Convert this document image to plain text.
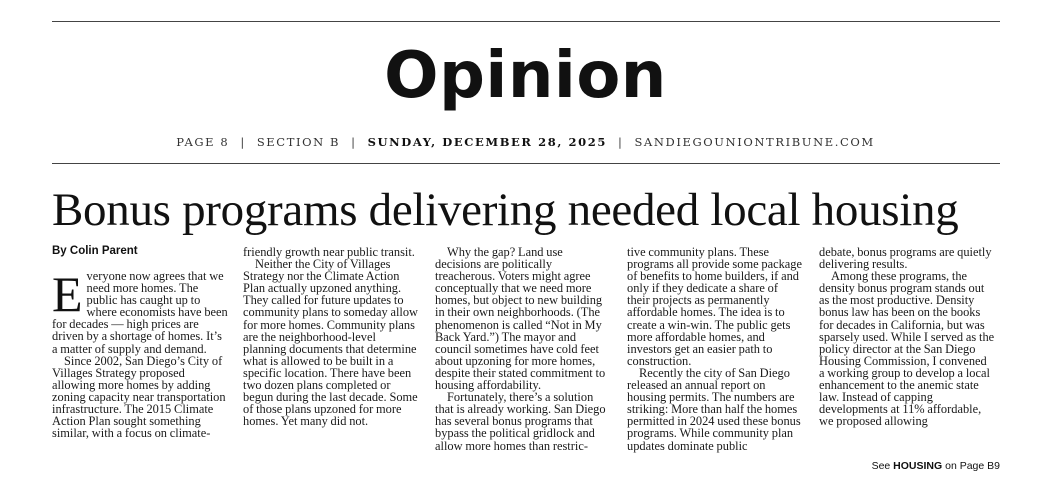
Opinion
PAGE 8 | SECTION B | SUNDAY, DECEMBER 28, 2025 | SANDIEGOUNIONTRIBUNE.COM
Bonus programs delivering needed local housing
By Colin Parent

Everyone now agrees that we need more homes. The public has caught up to where economists have been for decades — high prices are driven by a shortage of homes. It’s a matter of supply and demand.

Since 2002, San Diego’s City of Villages Strategy proposed allowing more homes by adding zoning capacity near transportation infrastructure. The 2015 Climate Action Plan sought something similar, with a focus on climate-

friendly growth near public transit.

Neither the City of Villages Strategy nor the Climate Action Plan actually upzoned anything. They called for future updates to community plans to someday allow for more homes. Community plans are the neighborhood-level planning documents that determine what is allowed to be built in a specific location. There have been two dozen plans completed or begun during the last decade. Some of those plans upzoned for more homes. Yet many did not.

Why the gap? Land use decisions are politically treacherous. Voters might agree conceptually that we need more homes, but object to new building in their own neighborhoods. (The phenomenon is called “Not in My Back Yard.”) The mayor and council sometimes have cold feet about upzoning for more homes, despite their stated commitment to housing affordability.

Fortunately, there’s a solution that is already working. San Diego has several bonus programs that bypass the political gridlock and allow more homes than restric-

tive community plans. These programs all provide some package of benefits to home builders, if and only if they dedicate a share of their projects as permanently affordable homes. The idea is to create a win-win. The public gets more affordable homes, and investors get an easier path to construction.

Recently the city of San Diego released an annual report on housing permits. The numbers are striking: More than half the homes permitted in 2024 used these bonus programs. While community plan updates dominate public

debate, bonus programs are quietly delivering results.

Among these programs, the density bonus program stands out as the most productive. Density bonus law has been on the books for decades in California, but was sparsely used. While I served as the policy director at the San Diego Housing Commission, I convened a working group to develop a local enhancement to the anemic state law. Instead of capping developments at 11% affordable, we proposed allowing

See HOUSING on Page B9
